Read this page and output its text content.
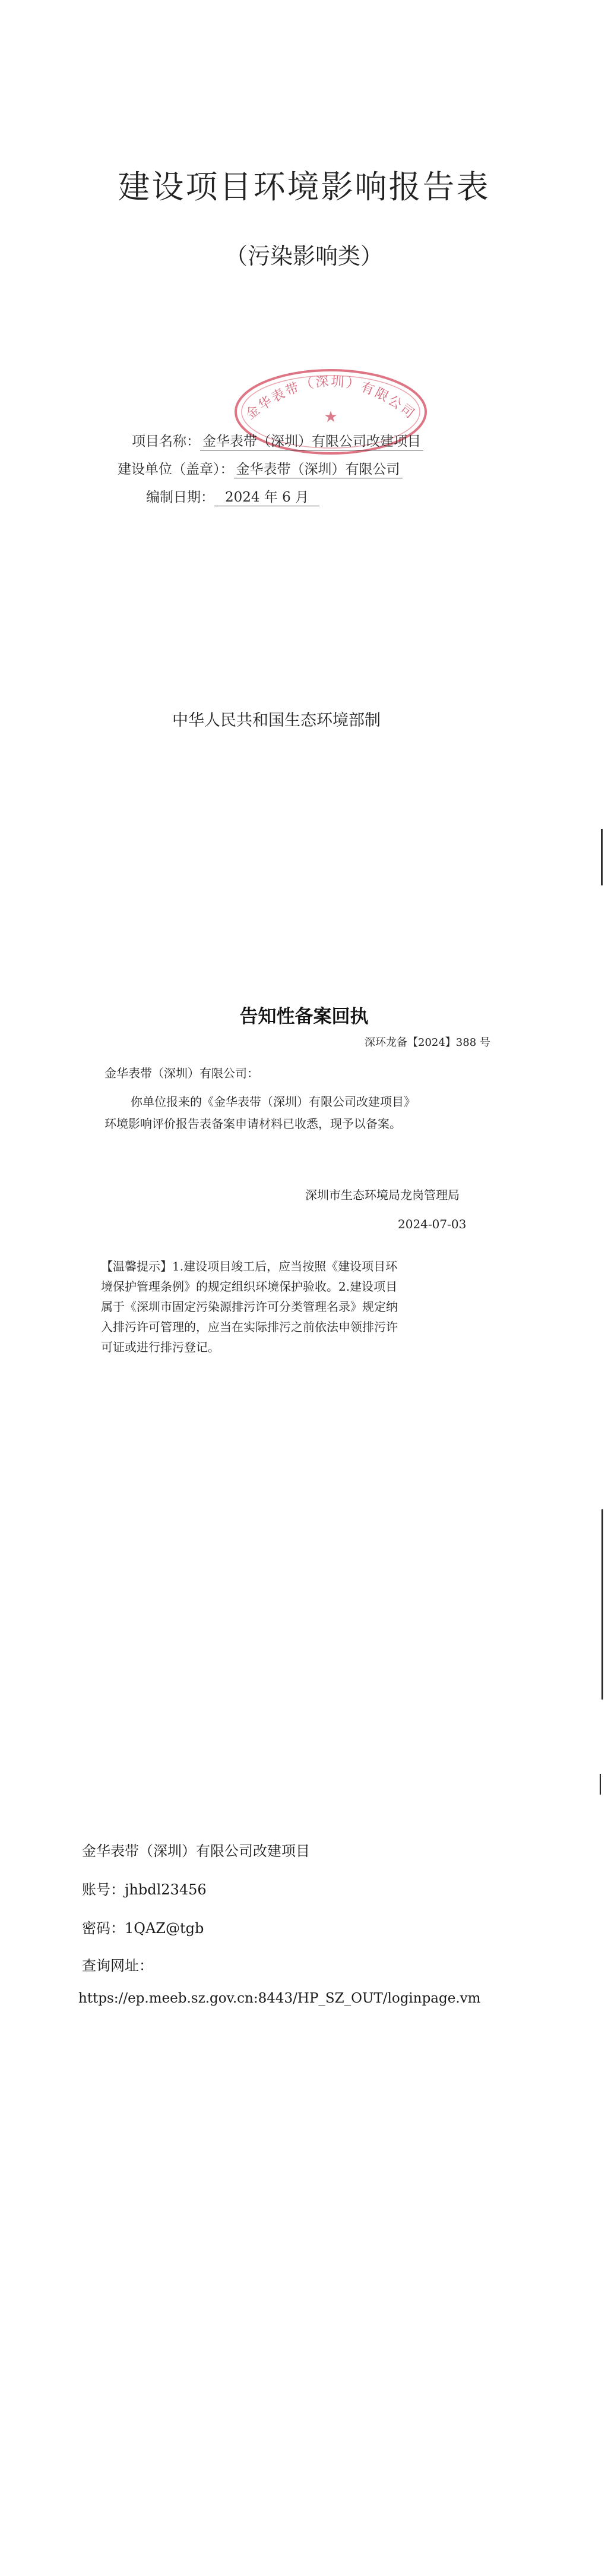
建设项目环境影响报告表
（污染影响类）
金华表带（深圳）有限公司
★
项目名称： 金华表带（深圳）有限公司改建项目
建设单位（盖章）： 金华表带（深圳）有限公司
编制日期： 2024 年 6 月
中华人民共和国生态环境部制
告知性备案回执
深环龙备【2024】388 号
金华表带（深圳）有限公司：
你单位报来的《金华表带（深圳）有限公司改建项目》
环境影响评价报告表备案申请材料已收悉，现予以备案。
深圳市生态环境局龙岗管理局
2024-07-03
【温馨提示】1.建设项目竣工后，应当按照《建设项目环
境保护管理条例》的规定组织环境保护验收。2.建设项目
属于《深圳市固定污染源排污许可分类管理名录》规定纳
入排污许可管理的，应当在实际排污之前依法申领排污许
可证或进行排污登记。
金华表带（深圳）有限公司改建项目
账号：jhbdl23456
密码：1QAZ@tgb
查询网址：
https://ep.meeb.sz.gov.cn:8443/HP_SZ_OUT/loginpage.vm
